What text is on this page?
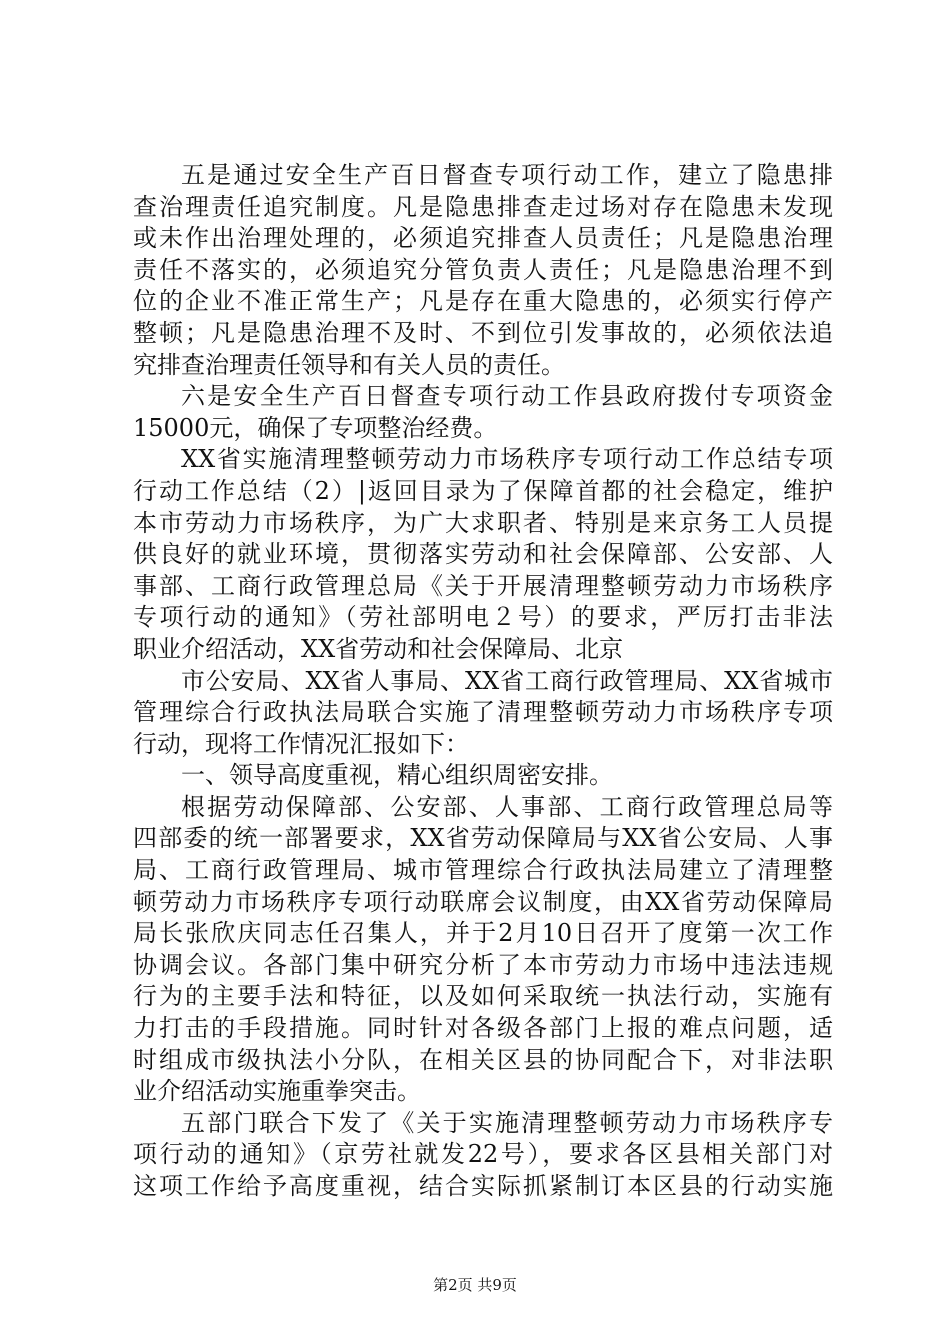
五是通过安全生产百日督查专项行动工作，建立了隐患排
查治理责任追究制度。凡是隐患排查走过场对存在隐患未发现
或未作出治理处理的，必须追究排查人员责任；凡是隐患治理
责任不落实的，必须追究分管负责人责任；凡是隐患治理不到
位的企业不准正常生产；凡是存在重大隐患的，必须实行停产
整顿；凡是隐患治理不及时、不到位引发事故的，必须依法追
究排查治理责任领导和有关人员的责任。
六是安全生产百日督查专项行动工作县政府拨付专项资金
15000元，确保了专项整治经费。
XX省实施清理整顿劳动力市场秩序专项行动工作总结专项
行动工作总结（2）|返回目录为了保障首都的社会稳定，维护
本市劳动力市场秩序，为广大求职者、特别是来京务工人员提
供良好的就业环境，贯彻落实劳动和社会保障部、公安部、人
事部、工商行政管理总局《关于开展清理整顿劳动力市场秩序
专项行动的通知》（劳社部明电２号）的要求，严厉打击非法
职业介绍活动，XX省劳动和社会保障局、北京
市公安局、XX省人事局、XX省工商行政管理局、XX省城市
管理综合行政执法局联合实施了清理整顿劳动力市场秩序专项
行动，现将工作情况汇报如下：
一、领导高度重视，精心组织周密安排。
根据劳动保障部、公安部、人事部、工商行政管理总局等
四部委的统一部署要求，XX省劳动保障局与XX省公安局、人事
局、工商行政管理局、城市管理综合行政执法局建立了清理整
顿劳动力市场秩序专项行动联席会议制度，由XX省劳动保障局
局长张欣庆同志任召集人，并于2月10日召开了度第一次工作
协调会议。各部门集中研究分析了本市劳动力市场中违法违规
行为的主要手法和特征，以及如何采取统一执法行动，实施有
力打击的手段措施。同时针对各级各部门上报的难点问题，适
时组成市级执法小分队，在相关区县的协同配合下，对非法职
业介绍活动实施重拳突击。
五部门联合下发了《关于实施清理整顿劳动力市场秩序专
项行动的通知》（京劳社就发22号），要求各区县相关部门对
这项工作给予高度重视，结合实际抓紧制订本区县的行动实施
第2页 共9页
